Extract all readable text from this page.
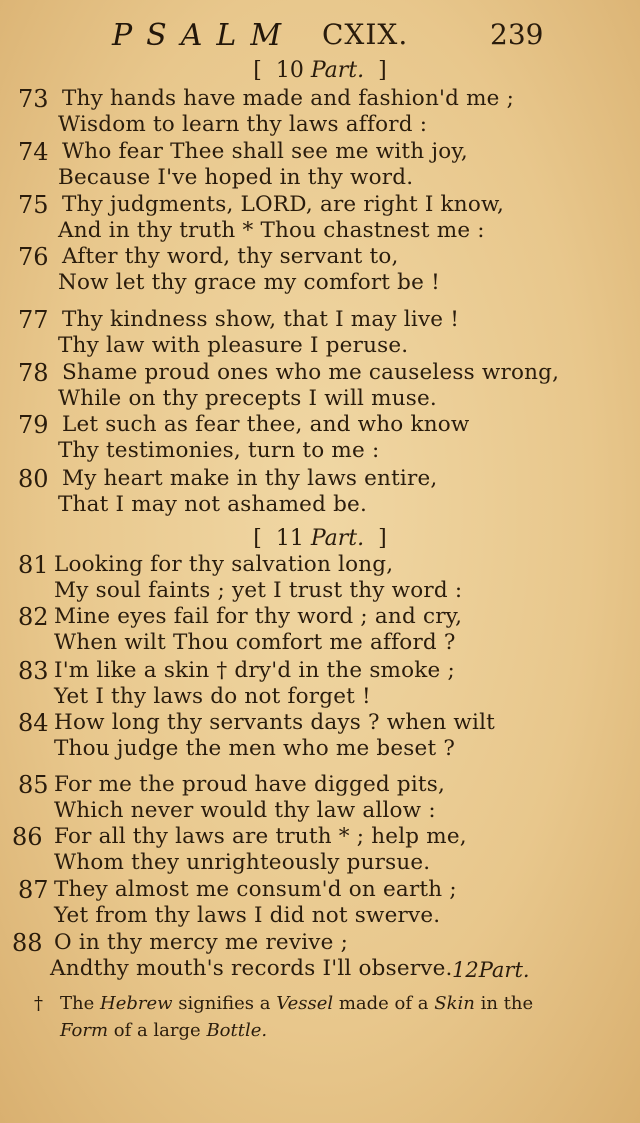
PSALM CXIX.	239
[ 10 Part. ]
73 Thy hands have made and fashion'd me ;
Wisdom to learn thy laws afford :
74 Who fear Thee shall see me with joy,
Because I've hoped in thy word.
75 Thy judgments, LORD, are right I know,
And in thy truth * Thou chastnest me :
76 After thy word, thy servant to,
Now let thy grace my comfort be !
77 Thy kindness show, that I may live !
Thy law with pleasure I peruse.
78 Shame proud ones who me causeless wrong,
While on thy precepts I will muse.
79 Let such as fear thee, and who know
Thy testimonies, turn to me :
80 My heart make in thy laws entire,
That I may not ashamed be.
[ 11 Part. ]
81 Looking for thy salvation long,
My soul faints ; yet I trust thy word :
82 Mine eyes fail for thy word ; and cry,
When wilt Thou comfort me afford ?
83 I'm like a skin † dry'd in the smoke ;
Yet I thy laws do not forget !
84 How long thy servants days ? when wilt
Thou judge the men who me beset ?
85 For me the proud have digged pits,
Which never would thy law allow :
86 For all thy laws are truth * ; help me,
Whom they unrighteously pursue.
87 They almost me consum'd on earth ;
Yet from thy laws I did not swerve.
88 O in thy mercy me revive ;
Andthy mouth's records I'll observe. 12Part.
† The Hebrew signifies a Vessel made of a Skin in the
Form of a large Bottle.
